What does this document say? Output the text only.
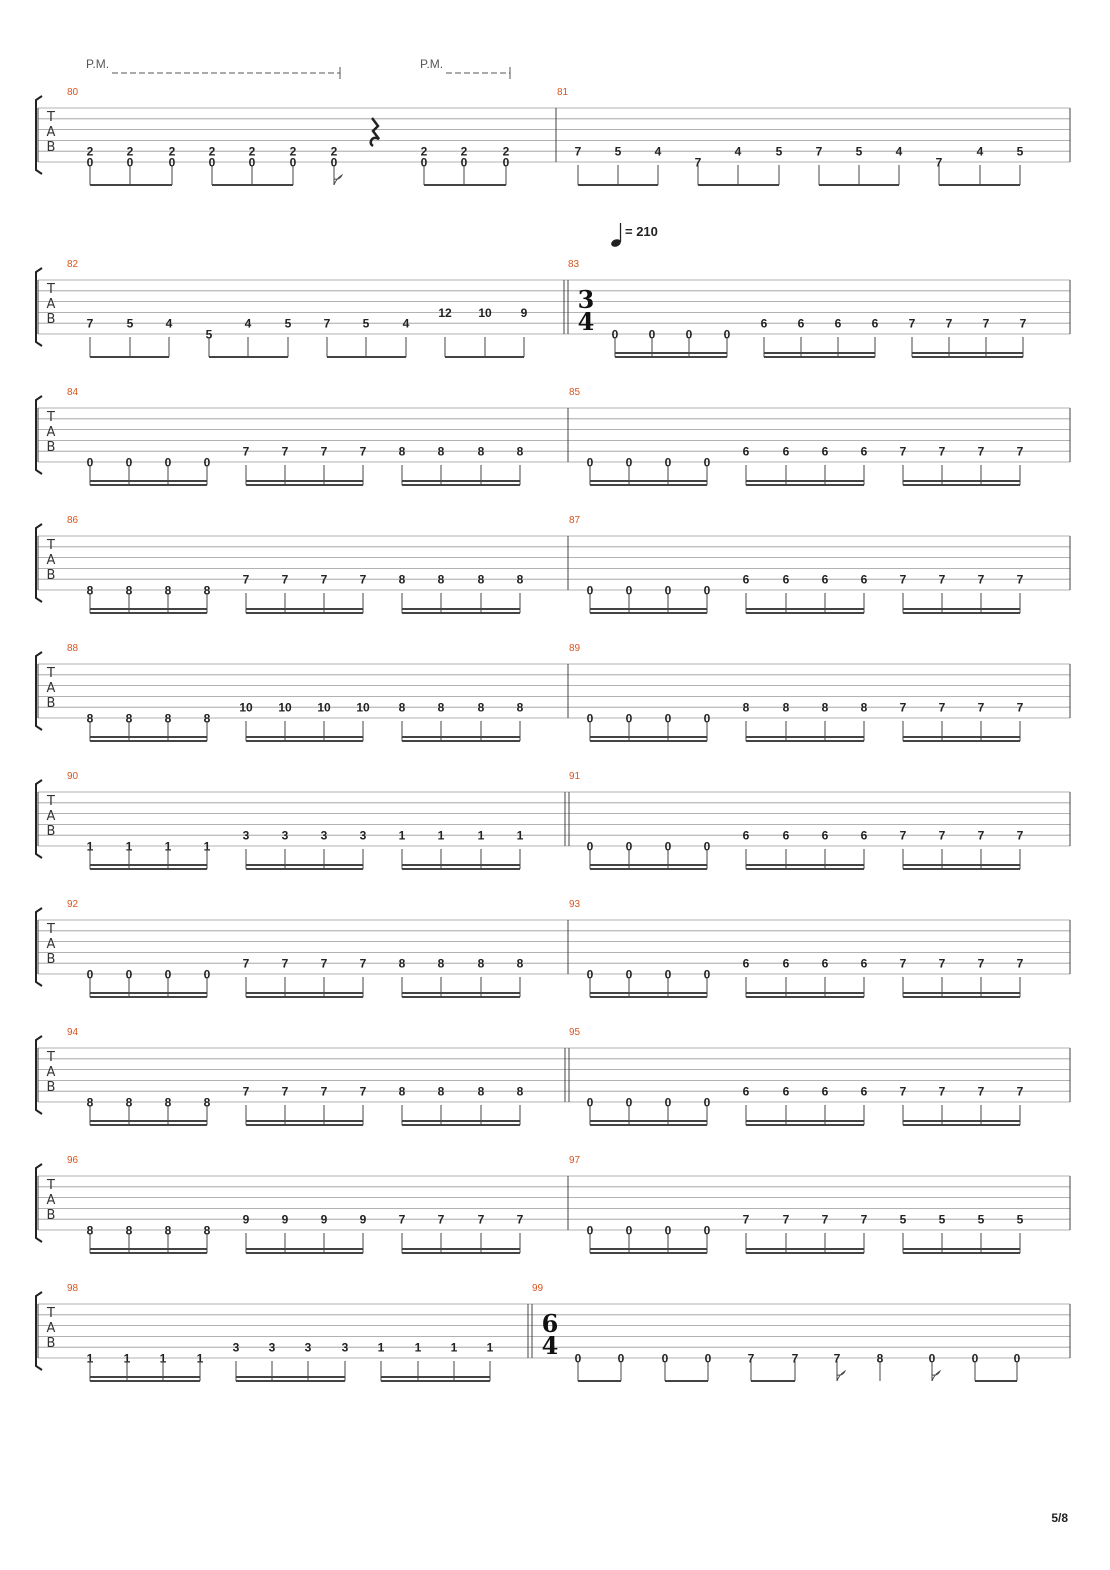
T
A
B
80
0
2
0
2
0
2
0
2
0
2
0
2
0
2
0
2
0
2
0
2
81
7	5	4
7
4	5	7	5	4
7
4	5
T
A
B
82
7	5	4
5
4	5	7	5	4
12 10 9
83
0	0	0	0
6	6	6	6	7	7	7	7
T
A
B
84
0	0	0	0
7	7	7	7	8	8	8	8
85
0	0	0	0
6	6	6	6	7	7	7	7
T
A
B
86
8	8	8	8
7	7	7	7	8	8	8	8
87
0	0	0	0
6	6	6	6	7	7	7	7
T
A
B
88
8	8	8	8
10 10 10 10 8	8	8	8
89
0	0	0	0
8	8	8	8	7	7	7	7
T
A
B
90
1	1	1	1
3	3	3	3	1	1	1	1
91
0	0	0	0
6	6	6	6	7	7	7	7
T
A
B
92
0	0	0	0
7	7	7	7	8	8	8	8
93
0	0	0	0
6	6	6	6	7	7	7	7
T
A
B
94
8	8	8	8
7	7	7	7	8	8	8	8
95
0	0	0	0
6	6	6	6	7	7	7	7
T
A
B
96
8	8	8	8
9	9	9	9	7	7	7	7
97
0	0	0	0
7	7	7	7	5	5	5	5
T
A
B
98
1	1 1	1
3 3 3	3 1	1 1 1
99
0	0	0	0	7	7	7	8	0	0	0
3
4
6
4
P.M.	P.M.
= 210
5/8
